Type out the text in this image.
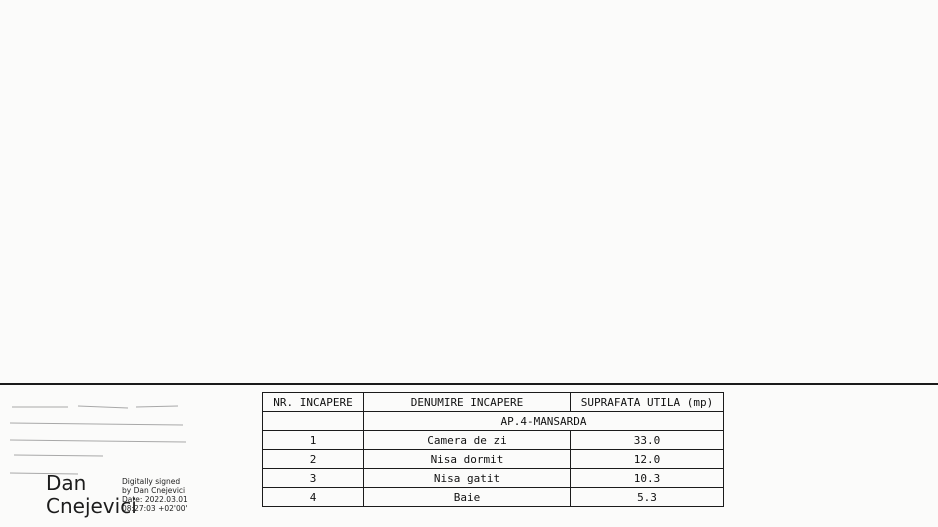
Dan Cnejevici
Digitally signed
by Dan Cnejevici
Date: 2022.03.01
08:27:03 +02'00'
NR. INCAPERE	DENUMIRE INCAPERE	SUPRAFATA UTILA (mp)
	AP.4-MANSARDA	
1	Camera de zi	33.0
2	Nisa dormit	12.0
3	Nisa gatit	10.3
4	Baie	5.3
